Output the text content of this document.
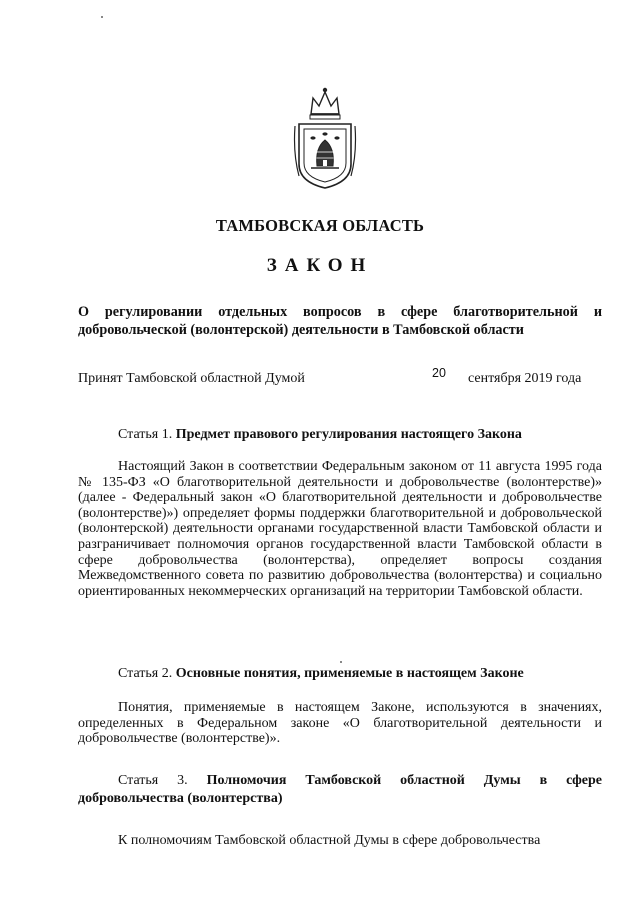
ТАМБОВСКАЯ ОБЛАСТЬ
ЗАКОН
О регулировании отдельных вопросов в сфере благотворительной и добровольческой (волонтерской) деятельности в Тамбовской области
Принят Тамбовской областной Думой	20 сентября 2019 года
Статья 1. Предмет правового регулирования настоящего Закона
Настоящий Закон в соответствии Федеральным законом от 11 августа 1995 года № 135-ФЗ «О благотворительной деятельности и добровольчестве (волонтерстве)» (далее - Федеральный закон «О благотворительной деятельности и добровольчестве (волонтерстве)») определяет формы поддержки благотворительной и добровольческой (волонтерской) деятельности органами государственной власти Тамбовской области и разграничивает полномочия органов государственной власти Тамбовской области в сфере добровольчества (волонтерства), определяет вопросы создания Межведомственного совета по развитию добровольчества (волонтерства) и социально ориентированных некоммерческих организаций на территории Тамбовской области.
Статья 2. Основные понятия, применяемые в настоящем Законе
Понятия, применяемые в настоящем Законе, используются в значениях, определенных в Федеральном законе «О благотворительной деятельности и добровольчестве (волонтерстве)».
Статья 3. Полномочия Тамбовской областной Думы в сфере добровольчества (волонтерства)
К полномочиям Тамбовской областной Думы в сфере добровольчества
